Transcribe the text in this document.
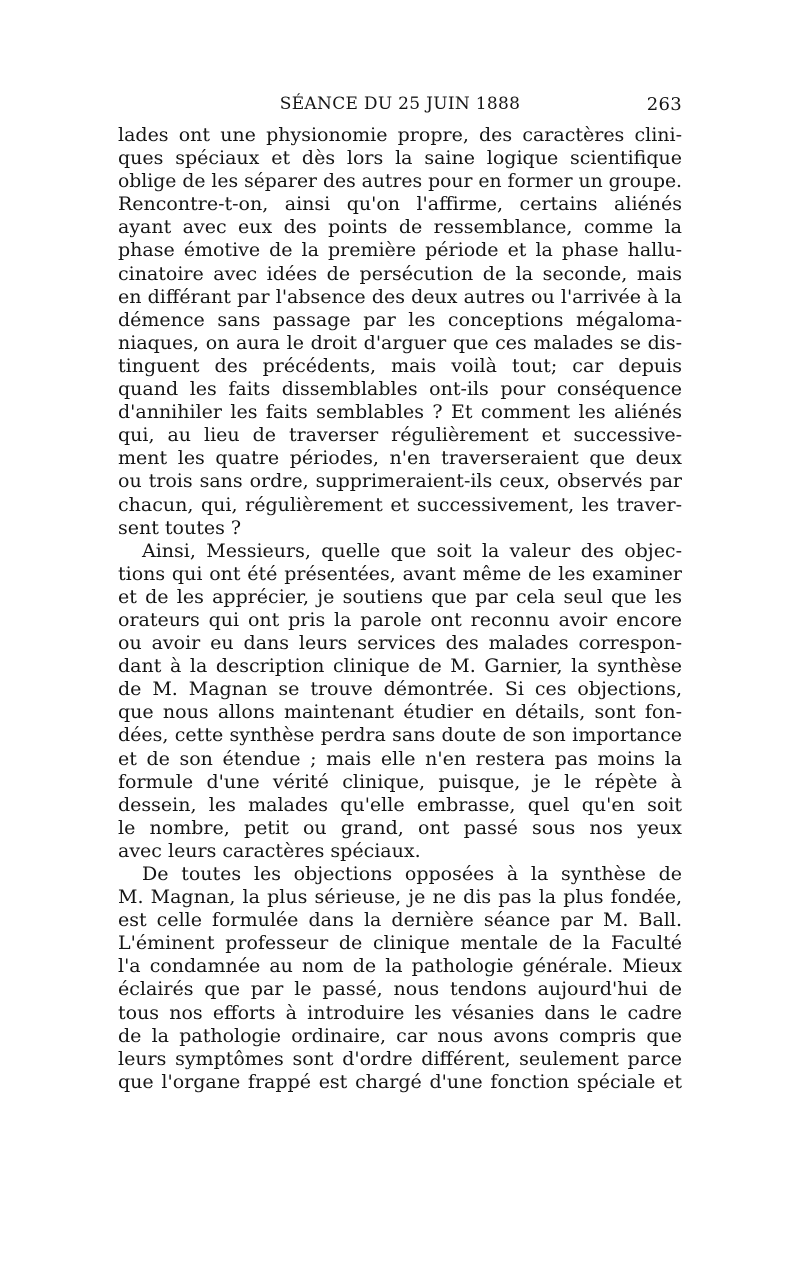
SÉANCE DU 25 JUIN 1888	263
lades ont une physionomie propre, des caractères clini-
ques spéciaux et dès lors la saine logique scientifique
oblige de les séparer des autres pour en former un groupe.
Rencontre-t-on, ainsi qu'on l'affirme, certains aliénés
ayant avec eux des points de ressemblance, comme la
phase émotive de la première période et la phase hallu-
cinatoire avec idées de persécution de la seconde, mais
en différant par l'absence des deux autres ou l'arrivée à la
démence sans passage par les conceptions mégaloma-
niaques, on aura le droit d'arguer que ces malades se dis-
tinguent des précédents, mais voilà tout; car depuis
quand les faits dissemblables ont-ils pour conséquence
d'annihiler les faits semblables ? Et comment les aliénés
qui, au lieu de traverser régulièrement et successive-
ment les quatre périodes, n'en traverseraient que deux
ou trois sans ordre, supprimeraient-ils ceux, observés par
chacun, qui, régulièrement et successivement, les traver-
sent toutes ?
Ainsi, Messieurs, quelle que soit la valeur des objec-
tions qui ont été présentées, avant même de les examiner
et de les apprécier, je soutiens que par cela seul que les
orateurs qui ont pris la parole ont reconnu avoir encore
ou avoir eu dans leurs services des malades correspon-
dant à la description clinique de M. Garnier, la synthèse
de M. Magnan se trouve démontrée. Si ces objections,
que nous allons maintenant étudier en détails, sont fon-
dées, cette synthèse perdra sans doute de son importance
et de son étendue ; mais elle n'en restera pas moins la
formule d'une vérité clinique, puisque, je le répète à
dessein, les malades qu'elle embrasse, quel qu'en soit
le nombre, petit ou grand, ont passé sous nos yeux
avec leurs caractères spéciaux.
De toutes les objections opposées à la synthèse de
M. Magnan, la plus sérieuse, je ne dis pas la plus fondée,
est celle formulée dans la dernière séance par M. Ball.
L'éminent professeur de clinique mentale de la Faculté
l'a condamnée au nom de la pathologie générale. Mieux
éclairés que par le passé, nous tendons aujourd'hui de
tous nos efforts à introduire les vésanies dans le cadre
de la pathologie ordinaire, car nous avons compris que
leurs symptômes sont d'ordre différent, seulement parce
que l'organe frappé est chargé d'une fonction spéciale et
